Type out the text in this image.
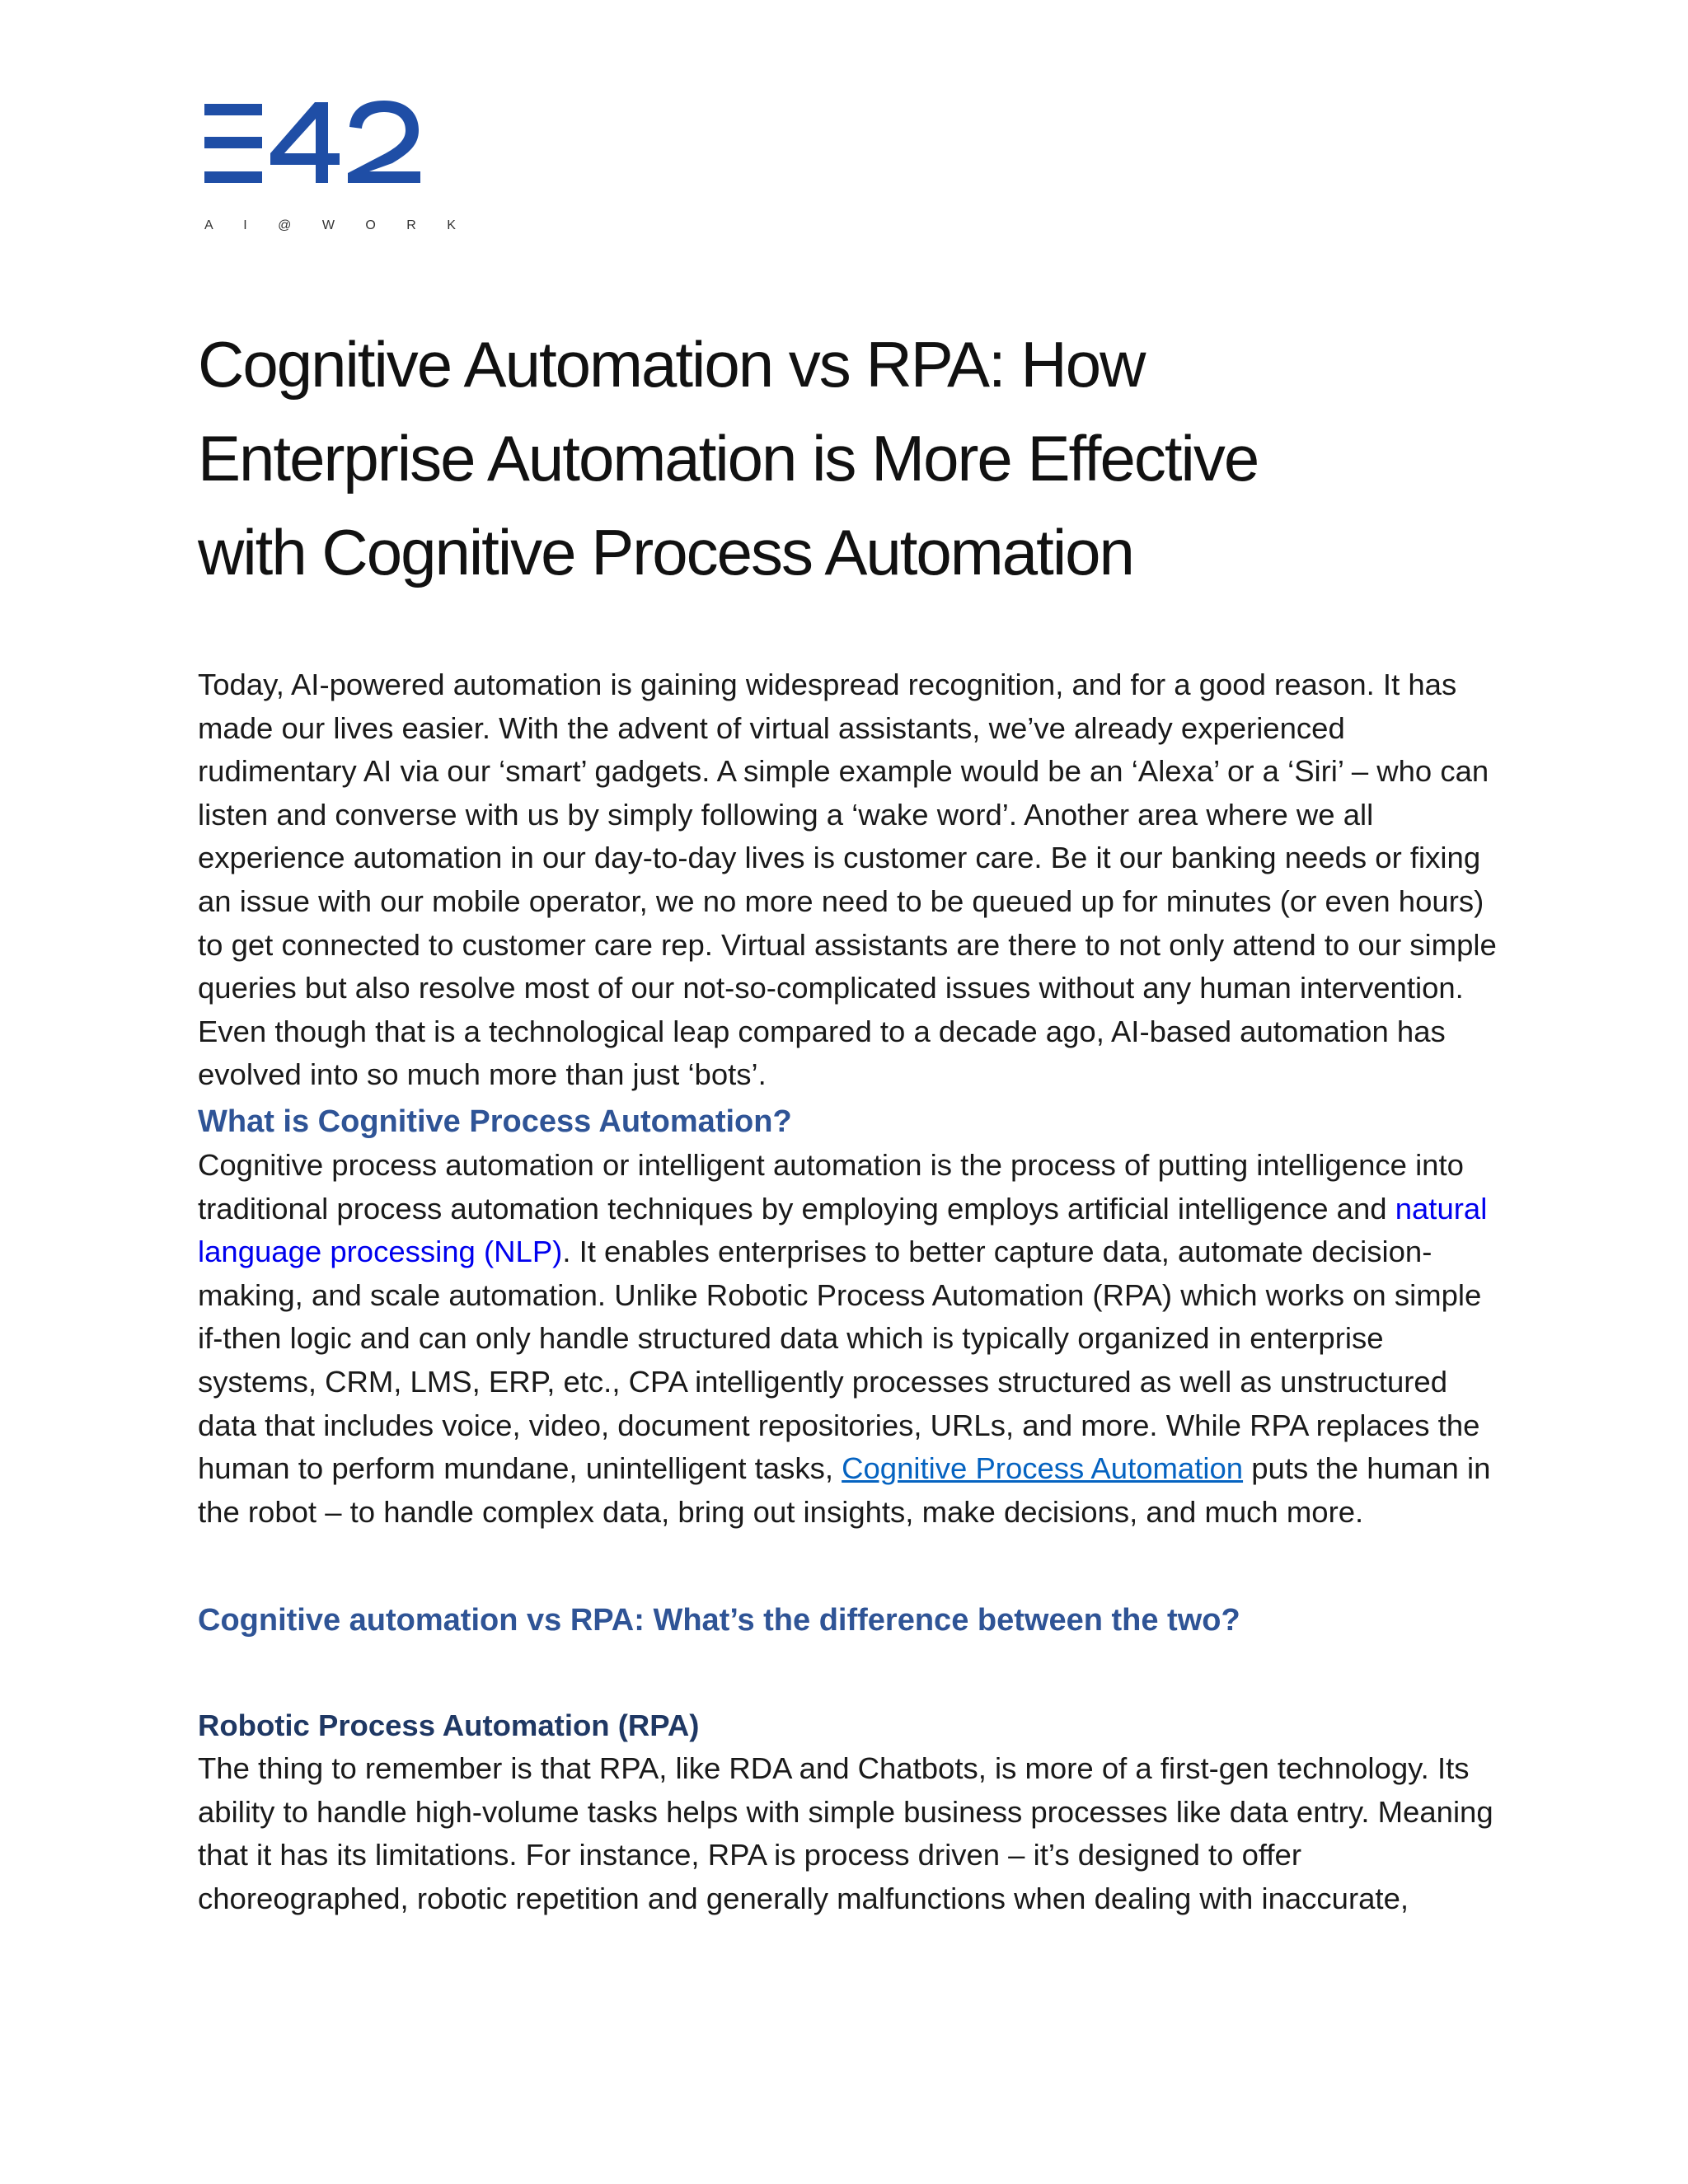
A I @ W O R K
Cognitive Automation vs RPA: How
Enterprise Automation is More Effective
with Cognitive Process Automation

Today, AI-powered automation is gaining widespread recognition, and for a good reason. It has made our lives easier. With the advent of virtual assistants, we’ve already experienced rudimentary AI via our ‘smart’ gadgets. A simple example would be an ‘Alexa’ or a ‘Siri’ – who can listen and converse with us by simply following a ‘wake word’. Another area where we all experience automation in our day-to-day lives is customer care. Be it our banking needs or fixing an issue with our mobile operator, we no more need to be queued up for minutes (or even hours) to get connected to customer care rep. Virtual assistants are there to not only attend to our simple queries but also resolve most of our not-so-complicated issues without any human intervention. Even though that is a technological leap compared to a decade ago, AI-based automation has evolved into so much more than just ‘bots’.

What is Cognitive Process Automation?

Cognitive process automation or intelligent automation is the process of putting intelligence into traditional process automation techniques by employing employs artificial intelligence and natural language processing (NLP). It enables enterprises to better capture data, automate decision-making, and scale automation. Unlike Robotic Process Automation (RPA) which works on simple if-then logic and can only handle structured data which is typically organized in enterprise systems, CRM, LMS, ERP, etc., CPA intelligently processes structured as well as unstructured data that includes voice, video, document repositories, URLs, and more. While RPA replaces the human to perform mundane, unintelligent tasks, Cognitive Process Automation puts the human in the robot – to handle complex data, bring out insights, make decisions, and much more.

Cognitive automation vs RPA: What’s the difference between the two?
Robotic Process Automation (RPA)

The thing to remember is that RPA, like RDA and Chatbots, is more of a first-gen technology. Its ability to handle high-volume tasks helps with simple business processes like data entry. Meaning that it has its limitations. For instance, RPA is process driven – it’s designed to offer choreographed, robotic repetition and generally malfunctions when dealing with inaccurate,
